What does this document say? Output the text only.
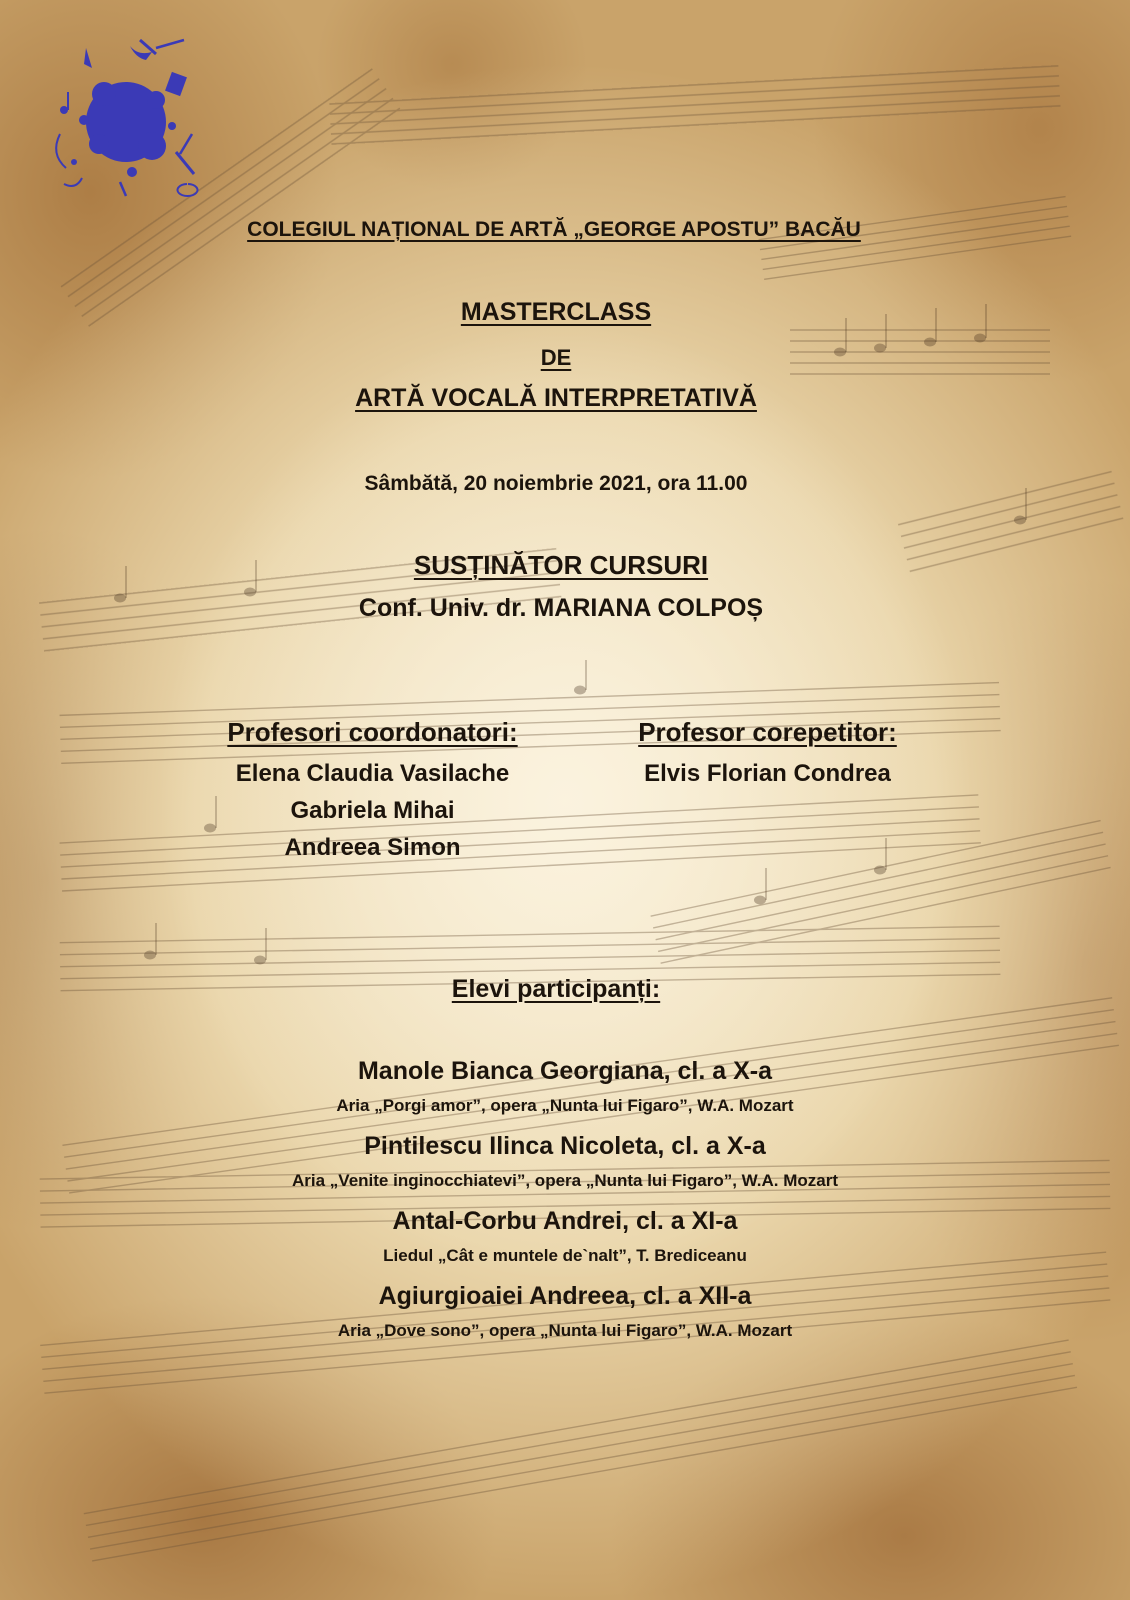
COLEGIUL NAȚIONAL DE ARTĂ „GEORGE APOSTU” BACĂU
MASTERCLASS
DE
ARTĂ VOCALĂ INTERPRETATIVĂ
Sâmbătă, 20 noiembrie 2021, ora 11.00
SUSȚINĂTOR CURSURI
Conf. Univ. dr. MARIANA COLPOȘ
Profesori coordonatori:
Elena Claudia Vasilache
Gabriela Mihai
Andreea Simon
Profesor corepetitor:
Elvis Florian Condrea
Elevi participanți:

Manole Bianca Georgiana, cl. a X-a

Aria „Porgi amor”, opera „Nunta lui Figaro”, W.A. Mozart

Pintilescu Ilinca Nicoleta, cl. a X-a

Aria „Venite inginocchiatevi”, opera „Nunta lui Figaro”, W.A. Mozart

Antal-Corbu Andrei, cl. a XI-a

Liedul „Cât e muntele de`nalt”, T. Brediceanu

Agiurgioaiei Andreea, cl. a XII-a

Aria „Dove sono”, opera „Nunta lui Figaro”, W.A. Mozart
